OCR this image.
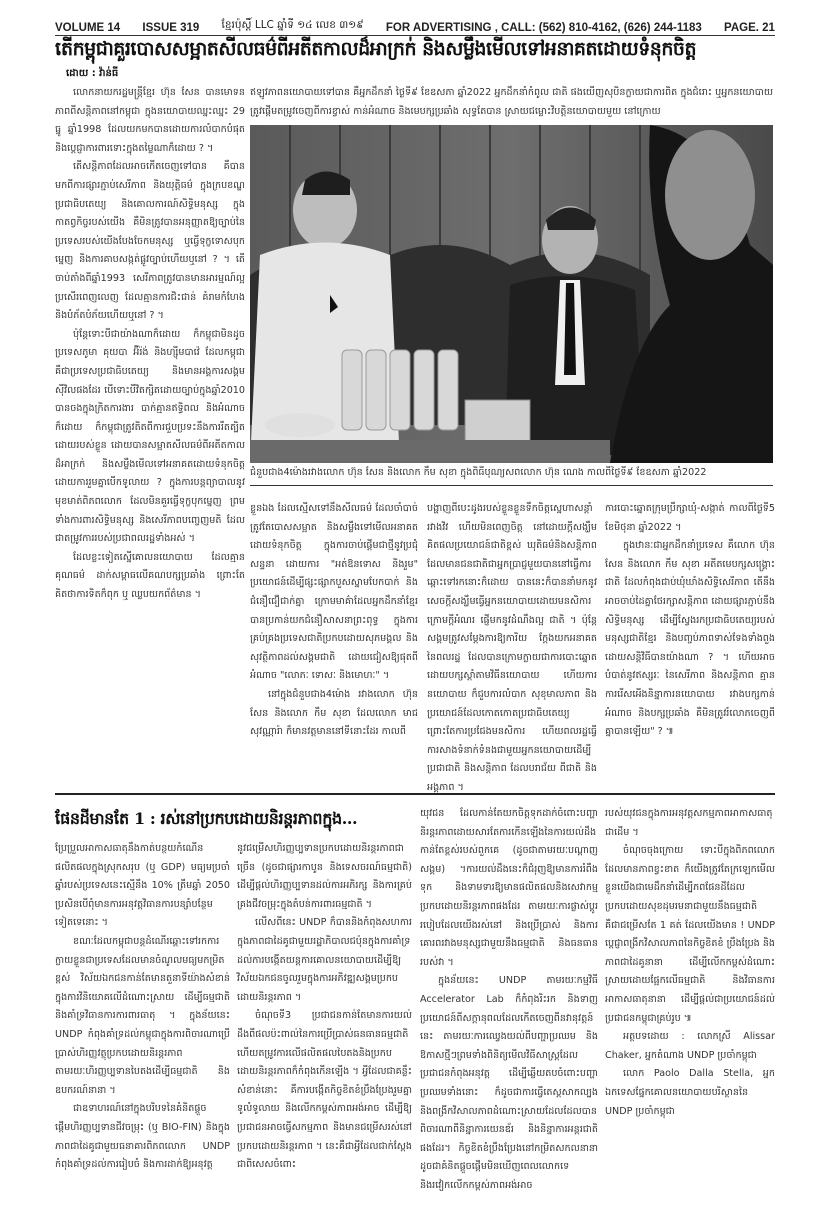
VOLUME 14 ISSUE 319 ខ្មែរប៉ុស្តិ៍ LLC ឆ្នាំទី ១៤ លេខ ៣១៩ FOR ADVERTISING , CALL: (562) 810-4162, (626) 244-1183 PAGE. 21
តើកម្ពុជាគួរបោសសម្អាតសីលធម៌ពីអតីតកាលដ៏អាក្រក់ និងសម្លឹងមើលទៅអនាគតដោយទំនុកចិត្ត
ដោយ : វ៉ាន់ធី

លោកនាយករដ្ឋមន្ត្រីខ្មែរ ហ៊ុន សែន បានមោទនភាពពីសន្តិភាពនៅកម្ពុជា ក្នុងនយោបាយឈ្នះឈ្នះ 29 ធ្នូ ឆ្នាំ1998 ដែលយកមកបានដោយការលំបាកបំផុត និងប្តេជ្ញាការពារទោះក្នុងតម្លៃណាក៏ដោយ ? ។

តើសន្តិភាពដែលអាចកើតចេញទៅបាន គឺបានមកពីការផ្សារភ្ជាប់សេរីភាព និងយុត្តិធម៌ ក្នុងក្របខណ្ឌប្រជាធិបតេយ្យ និងគោលការណ៍សិទ្ធិមនុស្ស ក្នុងកាតព្វកិច្ចរបស់យើង គឺមិនត្រូវបានអនុញ្ញាតឱ្យច្បាប់នៃប្រទេសរបស់យើងបែងចែកមនុស្ស ឬធ្វើទុក្ខទោសបុកម្នេញ និងការគាបសង្កត់ផ្លូវច្បាប់ហើយឬនៅ ? ។ តើចាប់តាំងពីឆ្នាំ1993 សេរីភាពត្រូវបានមានអារម្មណ៍ល្អប្រសើរពេញលេញ ដែលគ្មានការជិះជាន់ គំរាមកំហែង និងបំភ័តបំភ័យហើយឬនៅ ? ។

ប៉ុន្តែទោះបីជាយ៉ាងណាក៏ដោយ ក៏កម្ពុជាមិនដូចប្រទេសភូមា គុយបា អ៊ីរ៉ង់ និងហ្ស៊ីមបាវ៉េ ដែលកម្ពុជាគឺជាប្រទេសប្រជាធិបតេយ្យ និងមានអង្គការសង្គមស៊ីវិលផងដែរ បើទោះបីវិតក្សិតដោយច្បាប់ក្នុងឆ្នាំ2010 បានចងក្នុងក្រិតការងារ បាក់គ្មានឥទ្ធិពល និងអំណាចក៏ដោយ ក៏កម្ពុជាត្រូវតិតពីការជួបប្រទះនឹងការរឹតត្បិតដោយរបស់ខ្លួន ដោយបានសម្អាតសីលធម៌ពីអតីតកាលដ៏អាក្រក់ និងសម្លឹងមើលទៅអនាគតដោយទំនុកចិត្តដោយការរួមគ្នាបើកទូលាយ ? ក្នុងការបន្តព្យាបាលនូវមុខមាត់ពិភពលោក ដែលមិនគួរធ្វើទុក្ខបុកម្នេញ ព្រមទាំងការពារសិទ្ធិមនុស្ស និងសេរីភាពបញ្ចេញមតិ ដែលជាតម្រូវការរបស់ប្រជាពលរដ្ឋទាំងអស់ ។

ដែលខ្លះទៀតស្នើគោលនយោបាយ ដែលគ្មានគុណធម៌ ដាក់សម្ពាធលើគណបក្សប្រឆាំង ព្រោះតែគិតថាការទិតក៏ពុក ឬ ឈ្លបយកព័ត៌មាន ។

ឥឡូវភាពនយោបាយទៅបាន គឺអ្នកដឹកនាំ ថ្ងៃទី៩ ខែឧសភា ឆ្នាំ2022 អ្នកដឹកនាំកំពូល ជាតិ ផងយើញសុបិនក្លាយជាការពិត ក្នុងជំរោះ ឬអ្នកនយោបាយ ត្រូវផ្តើមតម្រូវចេញពីការខ្វាស់ កាន់អំណាច និងមេបក្សប្រឆាំង សុទ្ធតែបាន ស្រាយជម្លោះវិបត្តិនយោបាយមួយ នៅក្រោយ

ជំនួបជាង4ម៉ោងរវាងលោក ហ៊ុន សែន និងលោក កឹម សុខា ក្នុងពិធីបុណ្យសពលោក ហ៊ុន ណេង កាលពីថ្ងៃទី៩ ខែឧសភា ឆ្នាំ2022

ខ្លួនឯង ដែលស្មើសទៅនឹងសីលធម៌ ដែលចាំបាច់ត្រូវតែបោសសម្អាត និងសម្លឹងទៅមើលអនាគតដោយទំនុកចិត្ត ក្នុងការចាប់ផ្តើមជាថ្មីនូវប្រជុំសន្ទនា ដោយការ "អត់ឱនទោស និងរួម" ប្រយោជន៍ដើម្បីផ្សះផ្សាកបួសស្នាមបែកបាក់ និងជំនឿជឿជាក់គ្នា ក្រោមមាគ៌ាដែលអ្នកដឹកនាំខ្មែរបានប្រកាន់យកជំនឿសាសនាព្រះពុទ្ធ ក្នុងការគ្រប់គ្រងប្រទេសជាតិប្រកបដោយសុភមង្គល និងសុវត្ថិភាពដល់សង្គមជាតិ ដោយជៀសឱ្យផុតពីអំណាច "លោភៈ ទោសៈ និងមោហៈ" ។

នៅក្នុងជំនួបជាង4ម៉ោង រវាងលោក ហ៊ុន សែន និងលោក កឹម សុខា ដែលលោក មាជ សុវណ្ណារ៉ា ក៏មានវត្តមាននៅទីនោះដែរ កាលពី

បង្ហាញពីបេះដូងរបស់ខ្លួនខ្លួនទឹកចិត្តស្នេហាសន្ដាំ រវាងវិវ ហើយមិនពេញចិត្ត នៅដោយក្តីសង្ឃឹម គិតផលប្រយោជន៍ជាតិខ្ពស់ ឃុតិធម៌និងសន្តិភាព ដែលមានជនជាតិជាអ្នកប្រាជ្ញមួយបាននៅធ្វើការឆ្ពោះទៅរកនោះក៏ដោយ បាននេះក៏បាននាំមកនូវសេចក្តីសង្ឃឹមធ្វើអ្នកនយោបាយដោយមនសិការ ក្រោមក្តីអំណរ ផ្ញើមកនូវដំណឹងល្អ ជាតិ ។ ប៉ុន្តែសង្គមត្រូវសម្ដែងការឱ្យការិយ ក្តែងយកអនាគតនៃពលរដ្ឋ ដែលបានក្រោមក្លាយជាការបោះឆ្នោត ដោយបក្សស្ដាំតាមវិធីនយោបាយ ហើយការនយោបាយ ក៏ជួបការលំបាក សុខុមាលភាព និងប្រយោជន៍ដែលកោតកោតប្រជាធិបតេយ្យ ព្រោះតែការប្រជែងមនសិការ ហើយពលរដ្ឋធ្វើការសាងទំនាក់ទំនងជាមួយអ្នកនយោបាយដើម្បីប្រជាជាតិ និងសន្តិភាព ដែលបរាជ័យ ពីជាតិ និងអង្គភាព ។

ការបោះឆ្នោតក្រុមប្រឹក្សាឃុំ-សង្កាត់ កាលពីថ្ងៃទី5 ខែមិថុនា ឆ្នាំ2022 ។

ក្នុងឋានៈជាអ្នកដឹកនាំប្រទេស គឺលោក ហ៊ុន សែន និងលោក កឹម សុខា អតីតមេបក្សសង្គ្រោះជាតិ ដែលកំពុងជាប់ឃុំឃាំងសិទ្ធិសេរីភាព តើនឹងអាចចាប់ដៃគ្នាថែរក្សាសន្តិភាព ដោយផ្សារភ្ជាប់នឹងសិទ្ធិមនុស្ស ដើម្បីស្វែងរកប្រជាធិបតេយ្យរបស់មនុស្សជាតិខ្មែរ និងបញ្ចប់ភាពទាស់ទែងទាំងពួងដោយសន្តិវិធីបានយ៉ាងណា ? ។ ហើយអាច បំបាត់នូវឥស្សរៈ នៃសេរីភាព និងសន្តិភាព គ្មានការរើសអើងនិន្នាការនយោបាយ រវាងបក្សកាន់អំណាច និងបក្សប្រឆាំង គឺមិនត្រូវរំលោភចេញពីគ្នាបានឡើយ" ? ៕

ផែនដីមានតែ 1 : រស់នៅប្រកបដោយនិរន្តរភាពក្នុង...

ប្រែប្រួលអាកាសធាតុនឹងកាត់បន្ថយកំណើនផលិតផលក្នុងស្រុកសរុប (ឬ GDP) មធ្យមប្រចាំឆ្នាំរបស់ប្រទេសនេះស្មើនឹង 10% ត្រឹមឆ្នាំ 2050 ប្រសិនបើពុំមានការអនុវត្តវិធានការបន្សាំបន្ថែមទៀតទេនោះ ។

ខណៈដែលកម្ពុជាបន្តដំណើរឆ្ពោះទៅរកការក្លាយខ្លួនជាប្រទេសដែលមានចំណូលមធ្យមកម្រិតខ្ពស់ វិស័យឯកជនកាន់តែមានតួនាទីយ៉ាងសំខាន់ក្នុងការវិនិយោគលើដំណោះស្រាយ ដើម្បីធម្មជាតិ និងគាំទ្រវិធានការការពារធាតុ ។ ក្នុងន័យនេះ UNDP កំពុងគាំទ្រដល់កម្ពុជាក្នុងការពិចារណាប្រើប្រាស់ហិរញ្ញវត្ថុប្រកបដោយនិរន្តរភាព តាមរយៈហិរញ្ញប្បទានបៃតងដើម្បីធម្មជាតិ និងឧបករណ៍នានា ។

ជាឧទាហរណ៍នៅក្នុងបរិបទនៃគំនិតផ្តួចផ្តើមហិរញ្ញប្បទានជីវចម្រុះ (ឬ BIO-FIN) និងក្នុងភាពជាដៃគូជាមួយធនាគារពិភពលោក UNDP កំពុងគាំទ្រដល់ការរៀបចំ និងការដាក់ឱ្យអនុវត្ត

នូវជម្រើសហិរញ្ញប្បទានប្រកបដោយនិរន្តរភាពជាច្រើន (ដូចជាផ្សារកាបូន និងទេសចរណ៍ធម្មជាតិ) ដើម្បីផ្តល់ហិរញ្ញប្បទានដល់ការអភិរក្ស និងការគ្រប់គ្រងជីវចម្រុះក្នុងតំបន់ការពារធម្មជាតិ ។

លើសពីនេះ UNDP ក៏បាននិងកំពុងសហការក្នុងភាពជាដៃគូជាមួយរដ្ឋាភិបាលជប៉ុនក្នុងការគាំទ្រដល់ការបង្កើតយន្តការគោលនយោបាយដើម្បីឱ្យវិស័យឯកជនចូលរួមក្នុងការអភិវឌ្ឍសង្គមប្រកបដោយនិរន្តរភាព ។

ចំណុចទី3 ប្រជាជនកាន់តែមានការយល់ដឹងពីផលប៉ះពាល់នៃការប្រើប្រាស់ធនធានធម្មជាតិ ហើយតម្រូវការលើផលិតផលបៃតងនិងប្រកបដោយនិរន្តរភាពក៏កំពុងកើនឡើង ។ អ្វីដែលជាគន្លឹះសំខាន់នោះ គឺការបង្កើតកិច្ចខិតខំប្រឹងប្រែងរួមគ្នាទូលំទូលាយ និងលើកកម្ពស់ភាពអង់អាច ដើម្បីឱ្យប្រជាជនអាចធ្វើសកម្មភាព និងមានជម្រើសរស់នៅប្រកបដោយនិរន្តរភាព ។ នេះគឺជាអ្វីដែលជាក់ស្តែងជាពិសេសចំពោះ

យុវជន ដែលកាន់តែយកចិត្តទុកដាក់ចំពោះបញ្ហានិរន្តរភាពដោយសារតែការកើនឡើងនៃការយល់ដឹងកាន់តែខ្ពស់របស់ពួកគេ (ដូចជាតាមរយៈបណ្ដាញសង្គម) ។ការយល់ដឹងនេះក៏ជំរុញឱ្យមានការរំពឹងទុក និងទាមទារឱ្យមានផលិតផលនិងសេវាកម្មប្រកបដោយនិរន្តរភាពផងដែរ តាមរយៈការផ្លាស់ប្តូររបៀបដែលយើងរស់នៅ និងប្រើប្រាស់ និងការគោរពរវាងមនុស្សជាមួយនឹងធម្មជាតិ និងធនធានរបស់វា ។

ក្នុងន័យនេះ UNDP តាមរយៈកម្មវិធី Accelerator Lab ក៏កំពុងរិះរក និងទាញប្រយោជន៍ពីសក្តានុពលដែលកើតចេញពីនវានុវត្តន៍នេះ តាមរយៈការឈ្វេងយល់ពីបញ្ហាប្រឈម និងឱកាសថ្មីៗព្រមទាំងពិនិត្យមើលវិធីសាស្ត្រដែលប្រជាជនកំពុងអនុវត្ត ដើម្បីឆ្លើយតបចំពោះបញ្ហាប្រឈមទាំងនោះ ក៏ដូចជាការធ្វើតេស្តសាកល្បង និងពង្រីកវិសាលភាពដំណោះស្រាយដែលដែលបានពិចារណាពីនិន្នាការយេនឌ័រ និងនិន្នាការអន្តរជាតិផងដែរ។ កិច្ចខិតខំប្រឹងប្រែងនៅកម្រិតសកលនានា ដូចជាគំនិតផ្តួចផ្តើមមិនឃើញពេលលោកទេ និងរវៀកលើកកម្ពស់ភាពអង់អាច

របស់យុវជនក្នុងការអនុវត្តសកម្មភាពអាកាសធាតុជាដើម ។

ចំណុចចុងក្រោយ ទោះបីក្នុងពិភពលោកដែលមានភាពខ្វះខាត ក៏យើងត្រូវតែក្រឡេកមើលខ្លួនយើងជាមេដឹកនាំដើម្បីភពផែនដីដែលប្រកបដោយសុខដុមរមនាជាមួយនឹងធម្មជាតិ គឺជាជម្រើសតែ 1 គត់ ដែលយើងមាន ! UNDP ប្តេជ្ញាពង្រីកវិសាលភាពនៃកិច្ចខិតខំ ប្រឹងប្រែង និងភាពជាដៃគូនានា ដើម្បីលើកកម្ពស់ដំណោះស្រាយដោយផ្អែកលើធម្មជាតិ និងវិធានការអាកាសធាតុនានា ដើម្បីផ្តល់ជាប្រយោជន៍ដល់ប្រជាជនកម្ពុជាគ្រប់រូប ៕

អត្ថបទដោយ : លោកស្រី Alissar Chaker, អ្នកតំណាង UNDP ប្រចាំកម្ពុជា

លោក Paolo Dalla Stella, អ្នកឯកទេសផ្នែកគោលនយោបាយបរិស្ថាននៃ UNDP ប្រចាំកម្ពុជា
